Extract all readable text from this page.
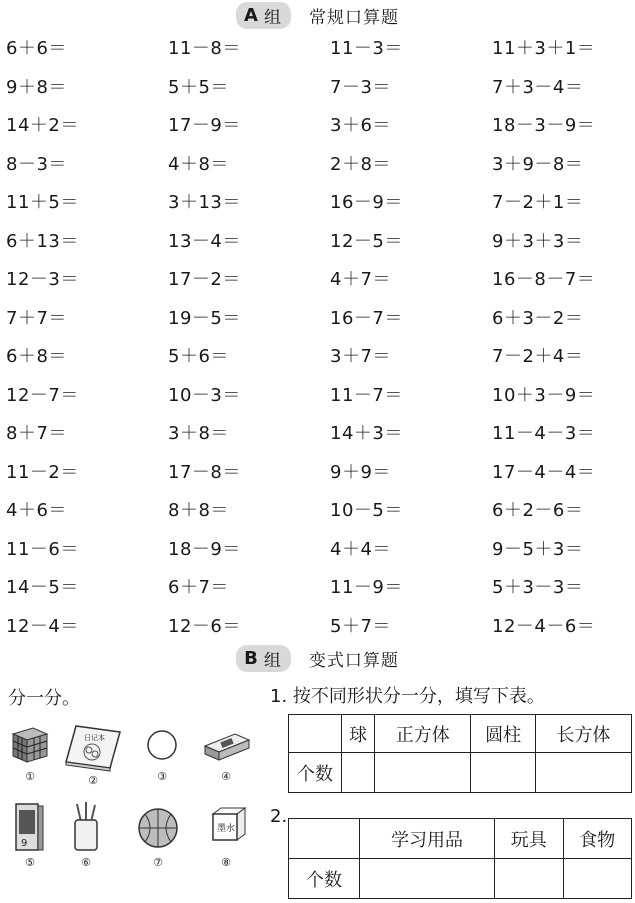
A 组 常规口算题
6＋6＝	11－8＝	11－3＝	11＋3＋1＝
9＋8＝	5＋5＝	7－3＝	7＋3－4＝
14＋2＝	17－9＝	3＋6＝	18－3－9＝
8－3＝	4＋8＝	2＋8＝	3＋9－8＝
11＋5＝	3＋13＝	16－9＝	7－2＋1＝
6＋13＝	13－4＝	12－5＝	9＋3＋3＝
12－3＝	17－2＝	4＋7＝	16－8－7＝
7＋7＝	19－5＝	16－7＝	6＋3－2＝
6＋8＝	5＋6＝	3＋7＝	7－2＋4＝
12－7＝	10－3＝	11－7＝	10＋3－9＝
8＋7＝	3＋8＝	14＋3＝	11－4－3＝
11－2＝	17－8＝	9＋9＝	17－4－4＝
4＋6＝	8＋8＝	10－5＝	6＋2－6＝
11－6＝	18－9＝	4＋4＝	9－5＋3＝
14－5＝	6＋7＝	11－9＝	5＋3－3＝
12－4＝	12－6＝	5＋7＝	12－4－6＝
B 组 变式口算题
分一分。	1. 按不同形状分一分，填写下表。
2.
①
日记本
②	③	④
9
⑤	⑥	⑦
墨水
⑧
	球	正方体	圆柱	长方体
个数				
	学习用品	玩具	食物
个数			
